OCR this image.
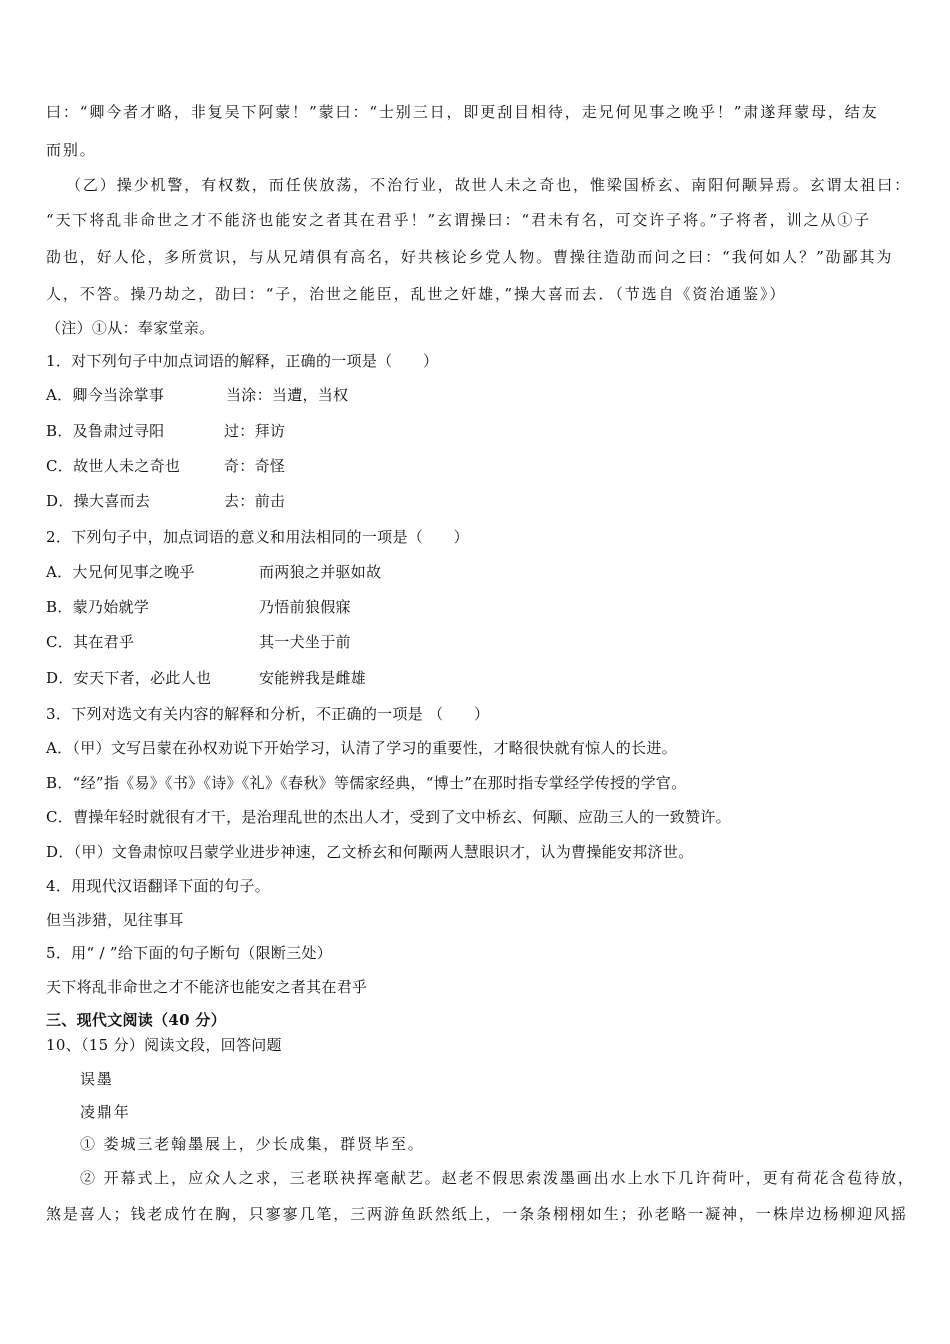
曰：“卿今者才略，非复吴下阿蒙！”蒙曰：“士别三日，即更刮目相待，走兄何见事之晚乎！”肃遂拜蒙母，结友
而别。
（乙）操少机警，有权数，而任侠放荡，不治行业，故世人未之奇也，惟梁国桥玄、南阳何颙异焉。玄谓太祖曰：
“天下将乱非命世之才不能济也能安之者其在君乎！”玄谓操曰：“君未有名，可交许子将。”子将者，训之从①子
劭也，好人伦，多所赏识，与从兄靖俱有高名，好共核论乡党人物。曹操往造劭而问之曰：“我何如人？”劭鄙其为
人，不答。操乃劫之，劭曰：“子，治世之能臣，乱世之奸雄，”操大喜而去．（节选自《资治通鉴》）
（注）①从：奉家堂亲。
1．对下列句子中加点词语的解释，正确的一项是（　　）
A．卿今当涂掌事	当涂：当遭，当权
B．及鲁肃过寻阳	过：拜访
C．故世人未之奇也	奇：奇怪
D．操大喜而去	去：前击
2．下列句子中，加点词语的意义和用法相同的一项是（　　）
A．大兄何见事之晚乎	而两狼之并驱如故
B．蒙乃始就学	乃悟前狼假寐
C．其在君乎	其一犬坐于前
D．安天下者，必此人也	安能辨我是雌雄
3．下列对选文有关内容的解释和分析，不正确的一项是 （　　）
A．（甲）文写吕蒙在孙权劝说下开始学习，认清了学习的重要性，才略很快就有惊人的长进。
B．“经”指《易》《书》《诗》《礼》《春秋》等儒家经典，“博士”在那时指专掌经学传授的学官。
C．曹操年轻时就很有才干，是治理乱世的杰出人才，受到了文中桥玄、何颙、应劭三人的一致赞许。
D．（甲）文鲁肃惊叹吕蒙学业进步神速，乙文桥玄和何颙两人慧眼识才，认为曹操能安邦济世。
4．用现代汉语翻译下面的句子。
但当涉猎，见往事耳
5．用“ / ”给下面的句子断句（限断三处）
天下将乱非命世之才不能济也能安之者其在君乎
三、现代文阅读（40 分）
10、（15 分）阅读文段，回答问题
误墨
凌鼎年
① 娄城三老翰墨展上，少长成集，群贤毕至。
② 开幕式上，应众人之求，三老联袂挥毫献艺。赵老不假思索泼墨画出水上水下几许荷叶，更有荷花含苞待放，
煞是喜人；钱老成竹在胸，只寥寥几笔，三两游鱼跃然纸上，一条条栩栩如生；孙老略一凝神，一株岸边杨柳迎风摇
